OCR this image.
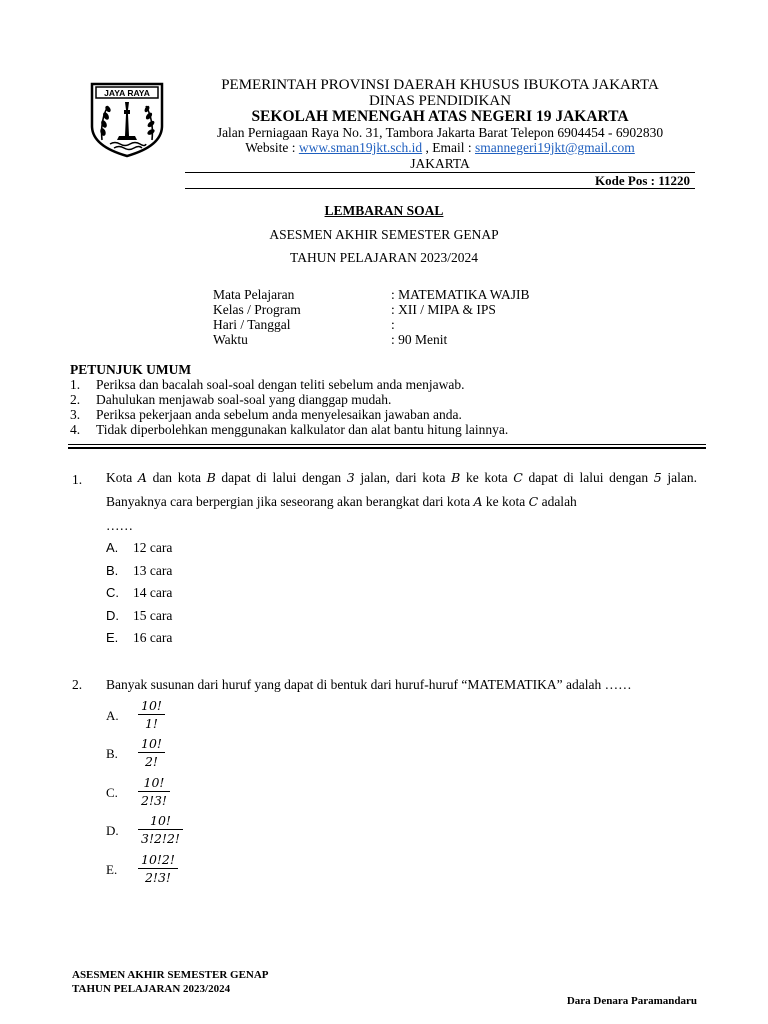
JAYA RAYA	PEMERINTAH PROVINSI DAERAH KHUSUS IBUKOTA JAKARTA
DINAS PENDIDIKAN
SEKOLAH MENENGAH ATAS NEGERI 19 JAKARTA
Jalan Perniagaan Raya No. 31, Tambora Jakarta Barat Telepon 6904454 - 6902830
Website : www.sman19jkt.sch.id , Email : smannegeri19jkt@gmail.com
JAKARTA
Kode Pos : 11220
LEMBARAN SOAL
ASESMEN AKHIR SEMESTER GENAP
TAHUN PELAJARAN 2023/2024
Mata Pelajaran	: MATEMATIKA WAJIB
Kelas / Program	: XII / MIPA & IPS
Hari / Tanggal	:
Waktu	: 90 Menit
PETUNJUK UMUM
1. Periksa dan bacalah soal-soal dengan teliti sebelum anda menjawab.
2. Dahulukan menjawab soal-soal yang dianggap mudah.
3. Periksa pekerjaan anda sebelum anda menyelesaikan jawaban anda.
4. Tidak diperbolehkan menggunakan kalkulator dan alat bantu hitung lainnya.
1. Kota A dan kota B dapat di lalui dengan 3 jalan, dari kota B ke kota C dapat di lalui dengan 5 jalan. Banyaknya cara berpergian jika seseorang akan berangkat dari kota A ke kota C adalah
……
A. 12 cara
B. 13 cara
C. 14 cara
D. 15 cara
E. 16 cara
2. Banyak susunan dari huruf yang dapat di bentuk dari huruf-huruf “MATEMATIKA” adalah ……
A.	$\frac{10!}{1!}$
B.	$\frac{10!}{2!}$
C.	$\frac{10!}{2!3!}$
D.	$\frac{10!}{3!2!2!}$
E.	$\frac{10!2!}{2!3!}$
ASESMEN AKHIR SEMESTER GENAP
TAHUN PELAJARAN 2023/2024
Dara Denara Paramandaru
